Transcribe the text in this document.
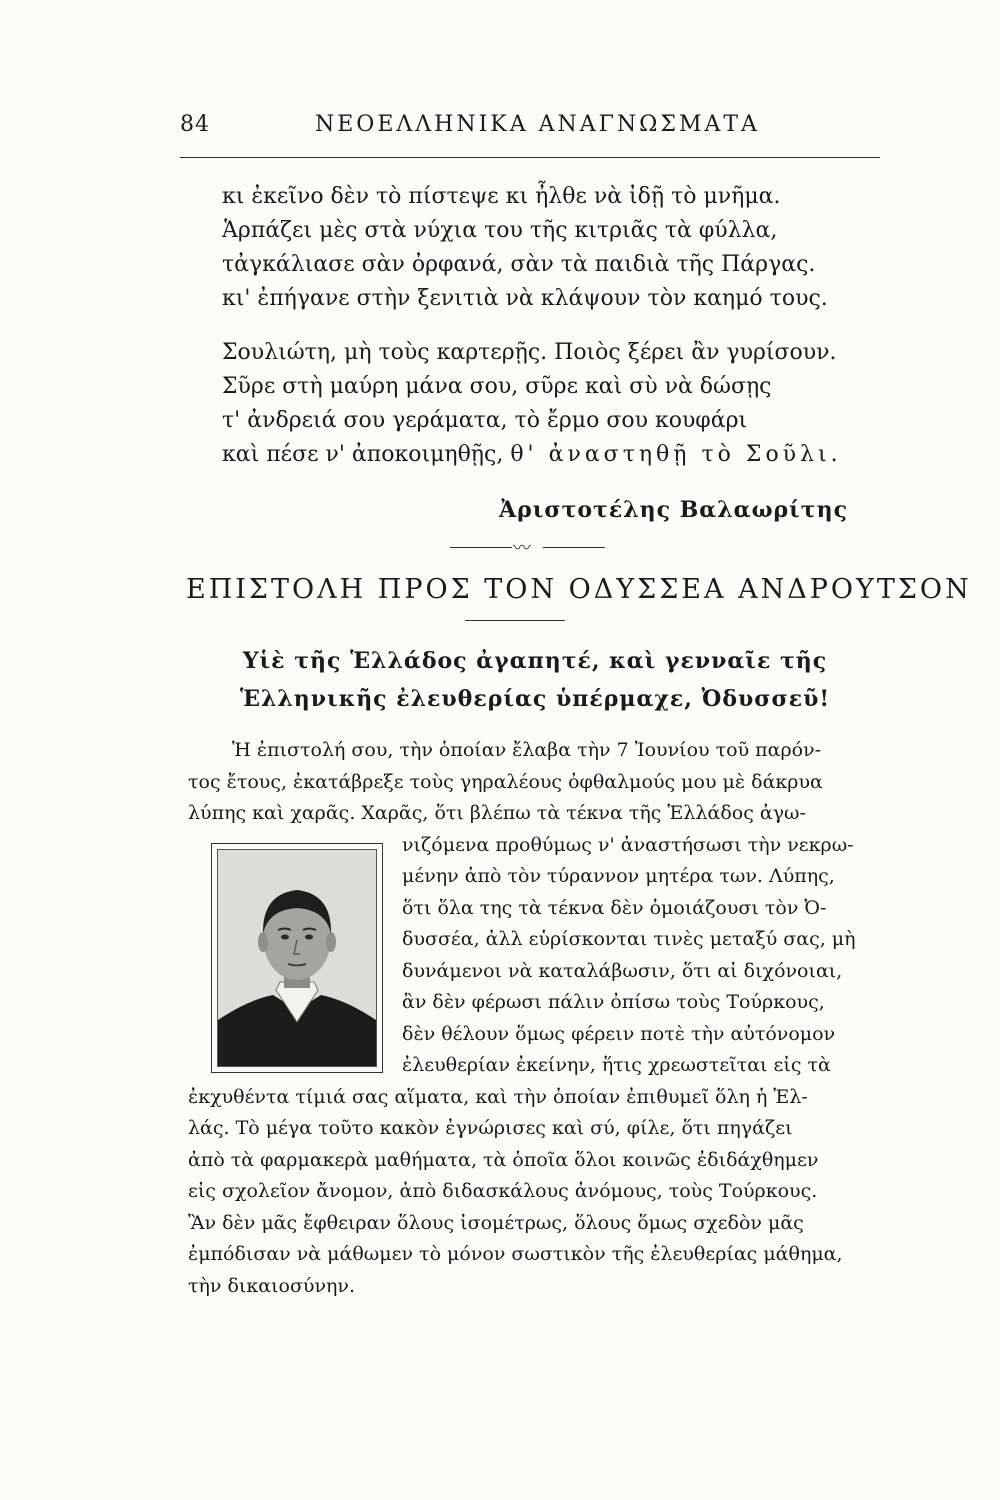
84	ΝΕΟΕΛΛΗΝΙΚΑ ΑΝΑΓΝΩΣΜΑΤΑ
κι ἐκεῖνο δὲν τὸ πίστεψε κι ἦλθε νὰ ἰδῇ τὸ μνῆμα.
Ἁρπάζει μὲς στὰ νύχια του τῆς κιτριᾶς τὰ φύλλα,
τἀγκάλιασε σὰν ὀρφανά, σὰν τὰ παιδιὰ τῆς Πάργας.
κι' ἐπήγανε στὴν ξενιτιὰ νὰ κλάψουν τὸν καημό τους.
Σουλιώτη, μὴ τοὺς καρτερῇς. Ποιὸς ξέρει ἂν γυρίσουν.
Σῦρε στὴ μαύρη μάνα σου, σῦρε καὶ σὺ νὰ δώσῃς
τ' ἀνδρειά σου γεράματα, τὸ ἔρμο σου κουφάρι
καὶ πέσε ν' ἀποκοιμηθῇς, θ' ἀναστηθῇ τὸ Σοῦλι.
Ἀριστοτέλης Βαλαωρίτης
〰
ΕΠΙΣΤΟΛΗ ΠΡΟΣ ΤΟΝ ΟΔΥΣΣΕΑ ΑΝΔΡΟΥΤΣΟΝ
Υἱὲ τῆς Ἑλλάδος ἀγαπητέ, καὶ γενναῖε τῆς
Ἑλληνικῆς ἐλευθερίας ὑπέρμαχε, Ὀδυσσεῦ!
Ἡ ἐπιστολή σου, τὴν ὁποίαν ἔλαβα τὴν 7 Ἰουνίου τοῦ παρόν-
τος ἔτους, ἐκατάβρεξε τοὺς γηραλέους ὀφθαλμούς μου μὲ δάκρυα
λύπης καὶ χαρᾶς. Χαρᾶς, ὅτι βλέπω τὰ τέκνα τῆς Ἑλλάδος ἀγω-
νιζόμενα προθύμως ν' ἀναστήσωσι τὴν νεκρω-
μένην ἀπὸ τὸν τύραννον μητέρα των. Λύπης,
ὅτι ὅλα της τὰ τέκνα δὲν ὁμοιάζουσι τὸν Ὀ-
δυσσέα, ἀλλ εὑρίσκονται τινὲς μεταξύ σας, μὴ
δυνάμενοι νὰ καταλάβωσιν, ὅτι αἱ διχόνοιαι,
ἂν δὲν φέρωσι πάλιν ὀπίσω τοὺς Τούρκους,
δὲν θέλουν ὅμως φέρειν ποτὲ τὴν αὐτόνομον
ἐλευθερίαν ἐκείνην, ἥτις χρεωστεῖται εἰς τὰ
ἐκχυθέντα τίμιά σας αἵματα, καὶ τὴν ὁποίαν ἐπιθυμεῖ ὅλη ἡ Ἑλ-
λάς. Τὸ μέγα τοῦτο κακὸν ἐγνώρισες καὶ σύ, φίλε, ὅτι πηγάζει
ἀπὸ τὰ φαρμακερὰ μαθήματα, τὰ ὁποῖα ὅλοι κοινῶς ἐδιδάχθημεν
εἰς σχολεῖον ἄνομον, ἀπὸ διδασκάλους ἀνόμους, τοὺς Τούρκους.
Ἂν δὲν μᾶς ἔφθειραν ὅλους ἰσομέτρως, ὅλους ὅμως σχεδὸν μᾶς
ἐμπόδισαν νὰ μάθωμεν τὸ μόνον σωστικὸν τῆς ἐλευθερίας μάθημα,
τὴν δικαιοσύνην.
